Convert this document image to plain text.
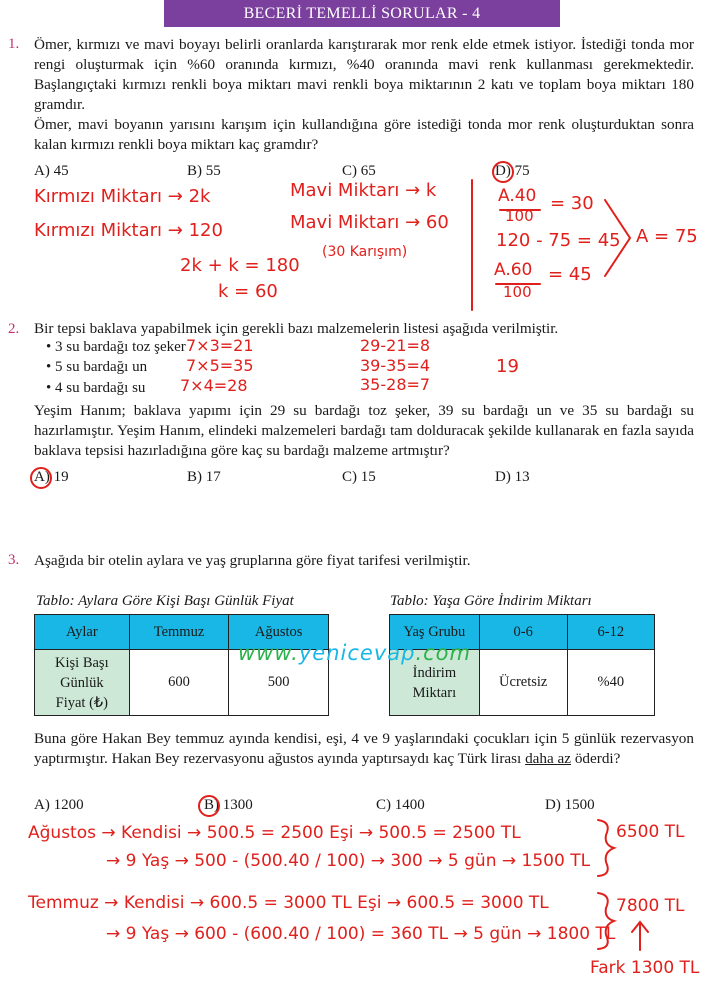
BECERİ TEMELLİ SORULAR - 4
1. Ömer, kırmızı ve mavi boyayı belirli oranlarda karıştırarak mor renk elde etmek istiyor. İstediği tonda mor rengi oluşturmak için %60 oranında kırmızı, %40 oranında mavi renk kullanması gerekmektedir. Başlangıçtaki kırmızı renkli boya miktarı mavi renkli boya miktarının 2 katı ve toplam boya miktarı 180 gramdır.
Ömer, mavi boyanın yarısını karışım için kullandığına göre istediği tonda mor renk oluşturduktan sonra kalan kırmızı renkli boya miktarı kaç gramdır?
A) 45	B) 55	C) 65	D) 75
Kırmızı Miktarı → 2k
Kırmızı Miktarı → 120
2k + k = 180
k = 60
Mavi Miktarı → k
Mavi Miktarı → 60
(30 Karışım)
A.40
100
= 30
120 - 75 = 45
A.60
100
= 45
A = 75
2. Bir tepsi baklava yapabilmek için gerekli bazı malzemelerin listesi aşağıda verilmiştir.
• 3 su bardağı toz şeker
• 5 su bardağı un
• 4 su bardağı su
7×3=21
7×5=35
7×4=28
29-21=8
39-35=4
35-28=7
19
Yeşim Hanım; baklava yapımı için 29 su bardağı toz şeker, 39 su bardağı un ve 35 su bardağı su hazırlamıştır. Yeşim Hanım, elindeki malzemeleri bardağı tam dolduracak şekilde kullanarak en fazla sayıda baklava tepsisi hazırladığına göre kaç su bardağı malzeme artmıştır?
A) 19	B) 17	C) 15	D) 13
3. Aşağıda bir otelin aylara ve yaş gruplarına göre fiyat tarifesi verilmiştir.
Tablo: Aylara Göre Kişi Başı Günlük Fiyat
Aylar	Temmuz	Ağustos
Kişi Başı
Günlük
Fiyat (₺)	600	500
Tablo: Yaşa Göre İndirim Miktarı
Yaş Grubu	0-6	6-12
İndirim
Miktarı	Ücretsiz	%40
www.yenicevap.com
Buna göre Hakan Bey temmuz ayında kendisi, eşi, 4 ve 9 yaşlarındaki çocukları için 5 günlük rezervasyon yaptırmıştır. Hakan Bey rezervasyonu ağustos ayında yaptırsaydı kaç Türk lirası daha az öderdi?
A) 1200	B) 1300	C) 1400	D) 1500
Ağustos → Kendisi → 500.5 = 2500 Eşi → 500.5 = 2500 TL
→ 9 Yaş → 500 - (500.40 / 100) → 300 → 5 gün → 1500 TL
Temmuz → Kendisi → 600.5 = 3000 TL Eşi → 600.5 = 3000 TL
→ 9 Yaş → 600 - (600.40 / 100) = 360 TL → 5 gün → 1800 TL
6500 TL
7800 TL
Fark 1300 TL
